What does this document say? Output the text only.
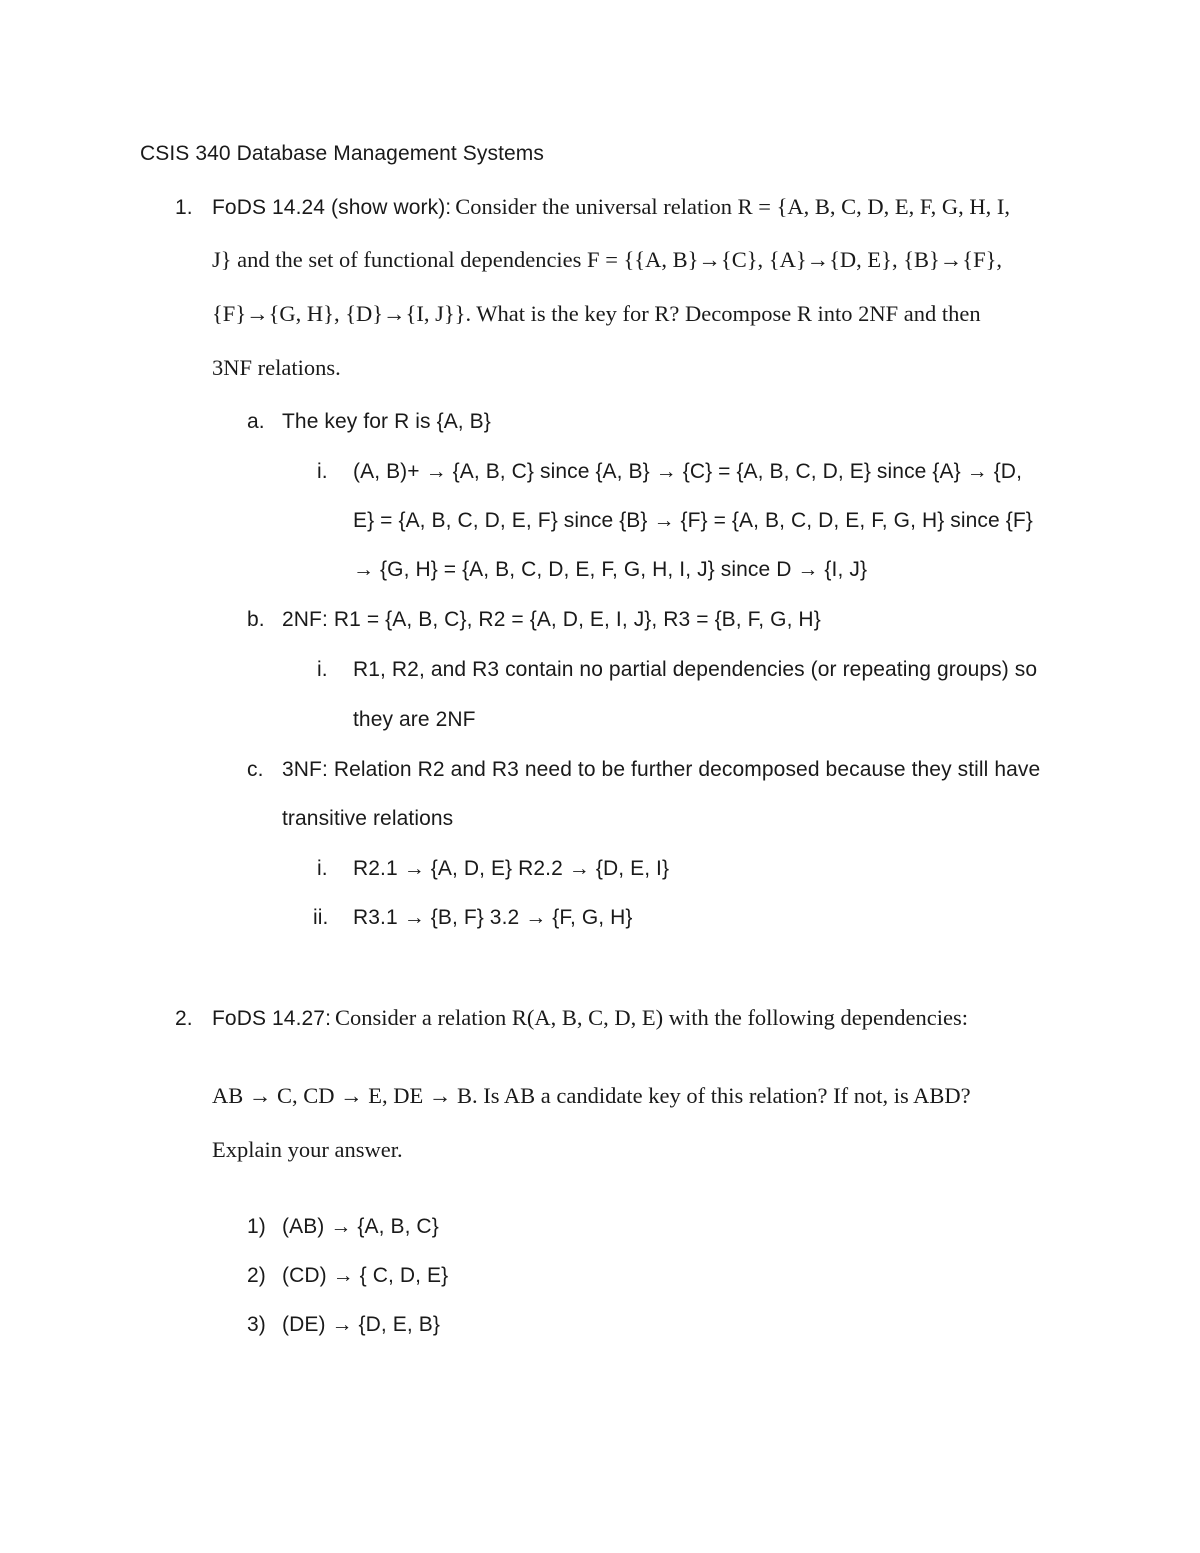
CSIS 340 Database Management Systems
1. FoDS 14.24 (show work): Consider the universal relation R = {A, B, C, D, E, F, G, H, I,
J} and the set of functional dependencies F = {{A, B}→{C}, {A}→{D, E}, {B}→{F},
{F}→{G, H}, {D}→{I, J}}. What is the key for R? Decompose R into 2NF and then
3NF relations.
a. The key for R is {A, B}
i. (A, B)+ → {A, B, C} since {A, B} → {C} = {A, B, C, D, E} since {A} → {D,
E} = {A, B, C, D, E, F} since {B} → {F} = {A, B, C, D, E, F, G, H} since {F}
→ {G, H} = {A, B, C, D, E, F, G, H, I, J} since D → {I, J}
b. 2NF: R1 = {A, B, C}, R2 = {A, D, E, I, J}, R3 = {B, F, G, H}
i. R1, R2, and R3 contain no partial dependencies (or repeating groups) so
they are 2NF
c. 3NF: Relation R2 and R3 need to be further decomposed because they still have
transitive relations
i. R2.1 → {A, D, E} R2.2 → {D, E, I}
ii. R3.1 → {B, F} 3.2 → {F, G, H}
2. FoDS 14.27: Consider a relation R(A, B, C, D, E) with the following dependencies:
AB → C, CD → E, DE → B. Is AB a candidate key of this relation? If not, is ABD?
Explain your answer.
1) (AB) → {A, B, C}
2) (CD) → { C, D, E}
3) (DE) → {D, E, B}
